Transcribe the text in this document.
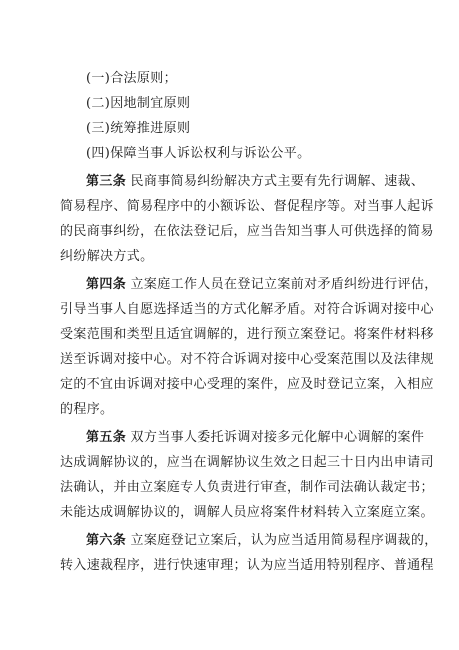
(一)合法原则；
(二)因地制宜原则
(三)统筹推进原则
(四)保障当事人诉讼权利与诉讼公平。
第三条 民商事简易纠纷解决方式主要有先行调解、速裁、
简易程序、简易程序中的小额诉讼、督促程序等。对当事人起诉
的民商事纠纷，在依法登记后，应当告知当事人可供选择的简易
纠纷解决方式。
第四条 立案庭工作人员在登记立案前对矛盾纠纷进行评估，
引导当事人自愿选择适当的方式化解矛盾。对符合诉调对接中心
受案范围和类型且适宜调解的，进行预立案登记。将案件材料移
送至诉调对接中心。对不符合诉调对接中心受案范围以及法律规
定的不宜由诉调对接中心受理的案件，应及时登记立案，入相应
的程序。
第五条 双方当事人委托诉调对接多元化解中心调解的案件
达成调解协议的，应当在调解协议生效之日起三十日内出申请司
法确认，并由立案庭专人负责进行审查，制作司法确认裁定书；
未能达成调解协议的，调解人员应将案件材料转入立案庭立案。
第六条 立案庭登记立案后，认为应当适用简易程序调裁的，
转入速裁程序，进行快速审理；认为应当适用特别程序、普通程
